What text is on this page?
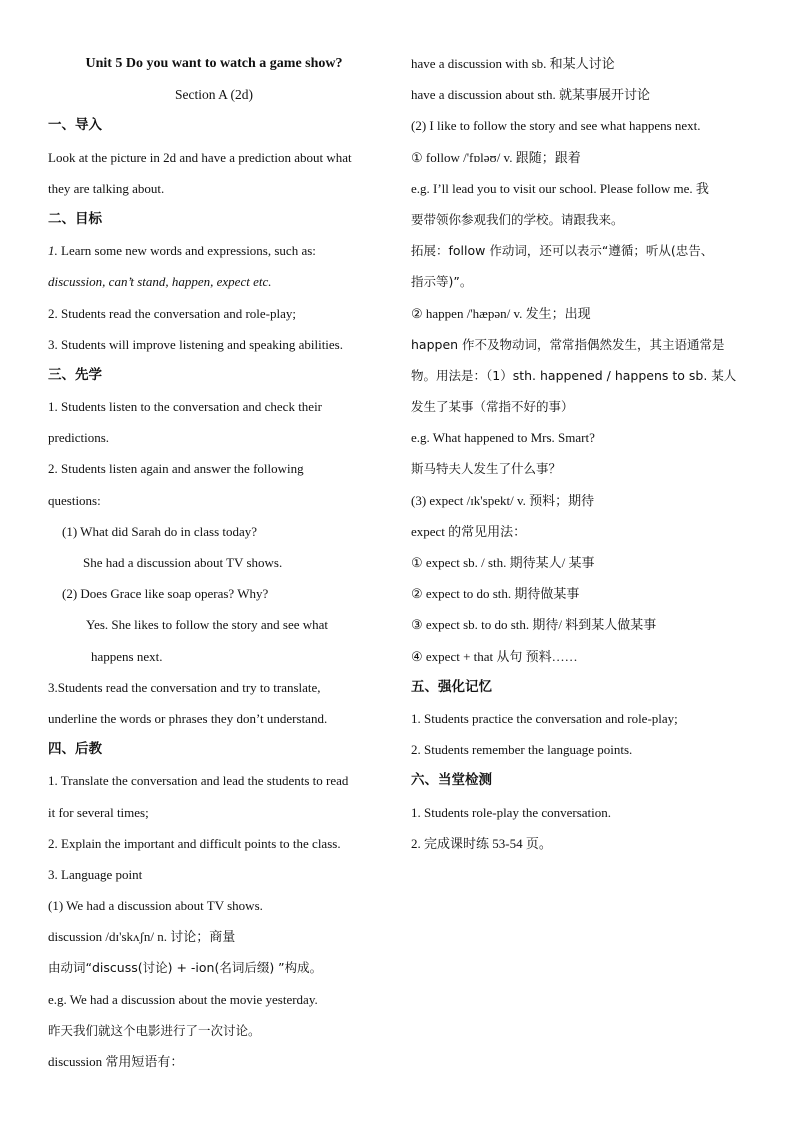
Unit 5 Do you want to watch a game show?
Section A (2d)
一、导入
Look at the picture in 2d and have a prediction about what
they are talking about.
二、目标
1. Learn some new words and expressions, such as:
discussion, can’t stand, happen, expect etc.
2. Students read the conversation and role-play;
3. Students will improve listening and speaking abilities.
三、先学
1. Students listen to the conversation and check their
predictions.
2. Students listen again and answer the following
questions:
(1) What did Sarah do in class today?
She had a discussion about TV shows.
(2) Does Grace like soap operas? Why?
Yes. She likes to follow the story and see what
happens next.
3.Students read the conversation and try to translate,
underline the words or phrases they don’t understand.
四、后教
1. Translate the conversation and lead the students to read
it for several times;
2. Explain the important and difficult points to the class.
3. Language point
(1) We had a discussion about TV shows.
discussion /dɪ'skʌʃn/ n. 讨论；商量
由动词“discuss(讨论) + -ion(名词后缀) ”构成。
e.g. We had a discussion about the movie yesterday.
昨天我们就这个电影进行了一次讨论。
discussion 常用短语有：
have a discussion with sb. 和某人讨论
have a discussion about sth. 就某事展开讨论
(2) I like to follow the story and see what happens next.
① follow /'fɒləʊ/ v. 跟随；跟着
e.g. I’ll lead you to visit our school. Please follow me. 我
要带领你参观我们的学校。请跟我来。
拓展：follow 作动词，还可以表示“遵循；听从(忠告、
指示等)”。
② happen /'hæpən/ v. 发生；出现
happen 作不及物动词，常常指偶然发生，其主语通常是
物。用法是：（1）sth. happened / happens to sb. 某人
发生了某事（常指不好的事）
e.g. What happened to Mrs. Smart?
斯马特夫人发生了什么事？
(3) expect /ɪk'spekt/ v. 预料；期待
expect 的常见用法：
① expect sb. / sth. 期待某人/ 某事
② expect to do sth. 期待做某事
③ expect sb. to do sth. 期待/ 料到某人做某事
④ expect + that 从句 预料……
五、强化记忆
1. Students practice the conversation and role-play;
2. Students remember the language points.
六、当堂检测
1. Students role-play the conversation.
2. 完成课时练 53-54 页。
